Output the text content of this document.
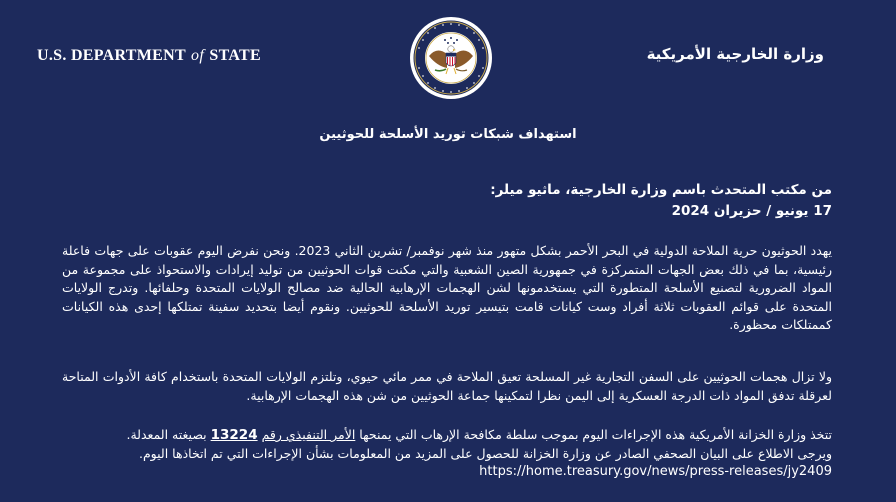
U.S. DEPARTMENT of STATE	وزارة الخارجية الأمريكية
استهداف شبكات توريد الأسلحة للحوثيين
من مكتب المتحدث باسم وزارة الخارجية، ماثيو ميلر:
17 يونيو / حزيران 2024
يهدد الحوثيون حرية الملاحة الدولية في البحر الأحمر بشكل متهور منذ شهر نوفمبر/ تشرين الثاني 2023. ونحن نفرض اليوم عقوبات على جهات فاعلة رئيسية، بما في ذلك بعض الجهات المتمركزة في جمهورية الصين الشعبية والتي مكنت قوات الحوثيين من توليد إيرادات والاستحواذ على مجموعة من المواد الضرورية لتصنيع الأسلحة المتطورة التي يستخدمونها لشن الهجمات الإرهابية الحالية ضد مصالح الولايات المتحدة وحلفائها. وتدرج الولايات المتحدة على قوائم العقوبات ثلاثة أفراد وست كيانات قامت بتيسير توريد الأسلحة للحوثيين. ونقوم أيضا بتحديد سفينة تمتلكها إحدى هذه الكيانات كممتلكات محظورة.
ولا تزال هجمات الحوثيين على السفن التجارية غير المسلحة تعيق الملاحة في ممر مائي حيوي، وتلتزم الولايات المتحدة باستخدام كافة الأدوات المتاحة لعرقلة تدفق المواد ذات الدرجة العسكرية إلى اليمن نظرا لتمكينها جماعة الحوثيين من شن هذه الهجمات الإرهابية.
تتخذ وزارة الخزانة الأمريكية هذه الإجراءات اليوم بموجب سلطة مكافحة الإرهاب التي يمنحها الأمر التنفيذي رقم 13224 بصيغته المعدلة.
ويرجى الاطلاع على البيان الصحفي الصادر عن وزارة الخزانة للحصول على المزيد من المعلومات بشأن الإجراءات التي تم اتخاذها اليوم.
https://home.treasury.gov/news/press-releases/jy2409
